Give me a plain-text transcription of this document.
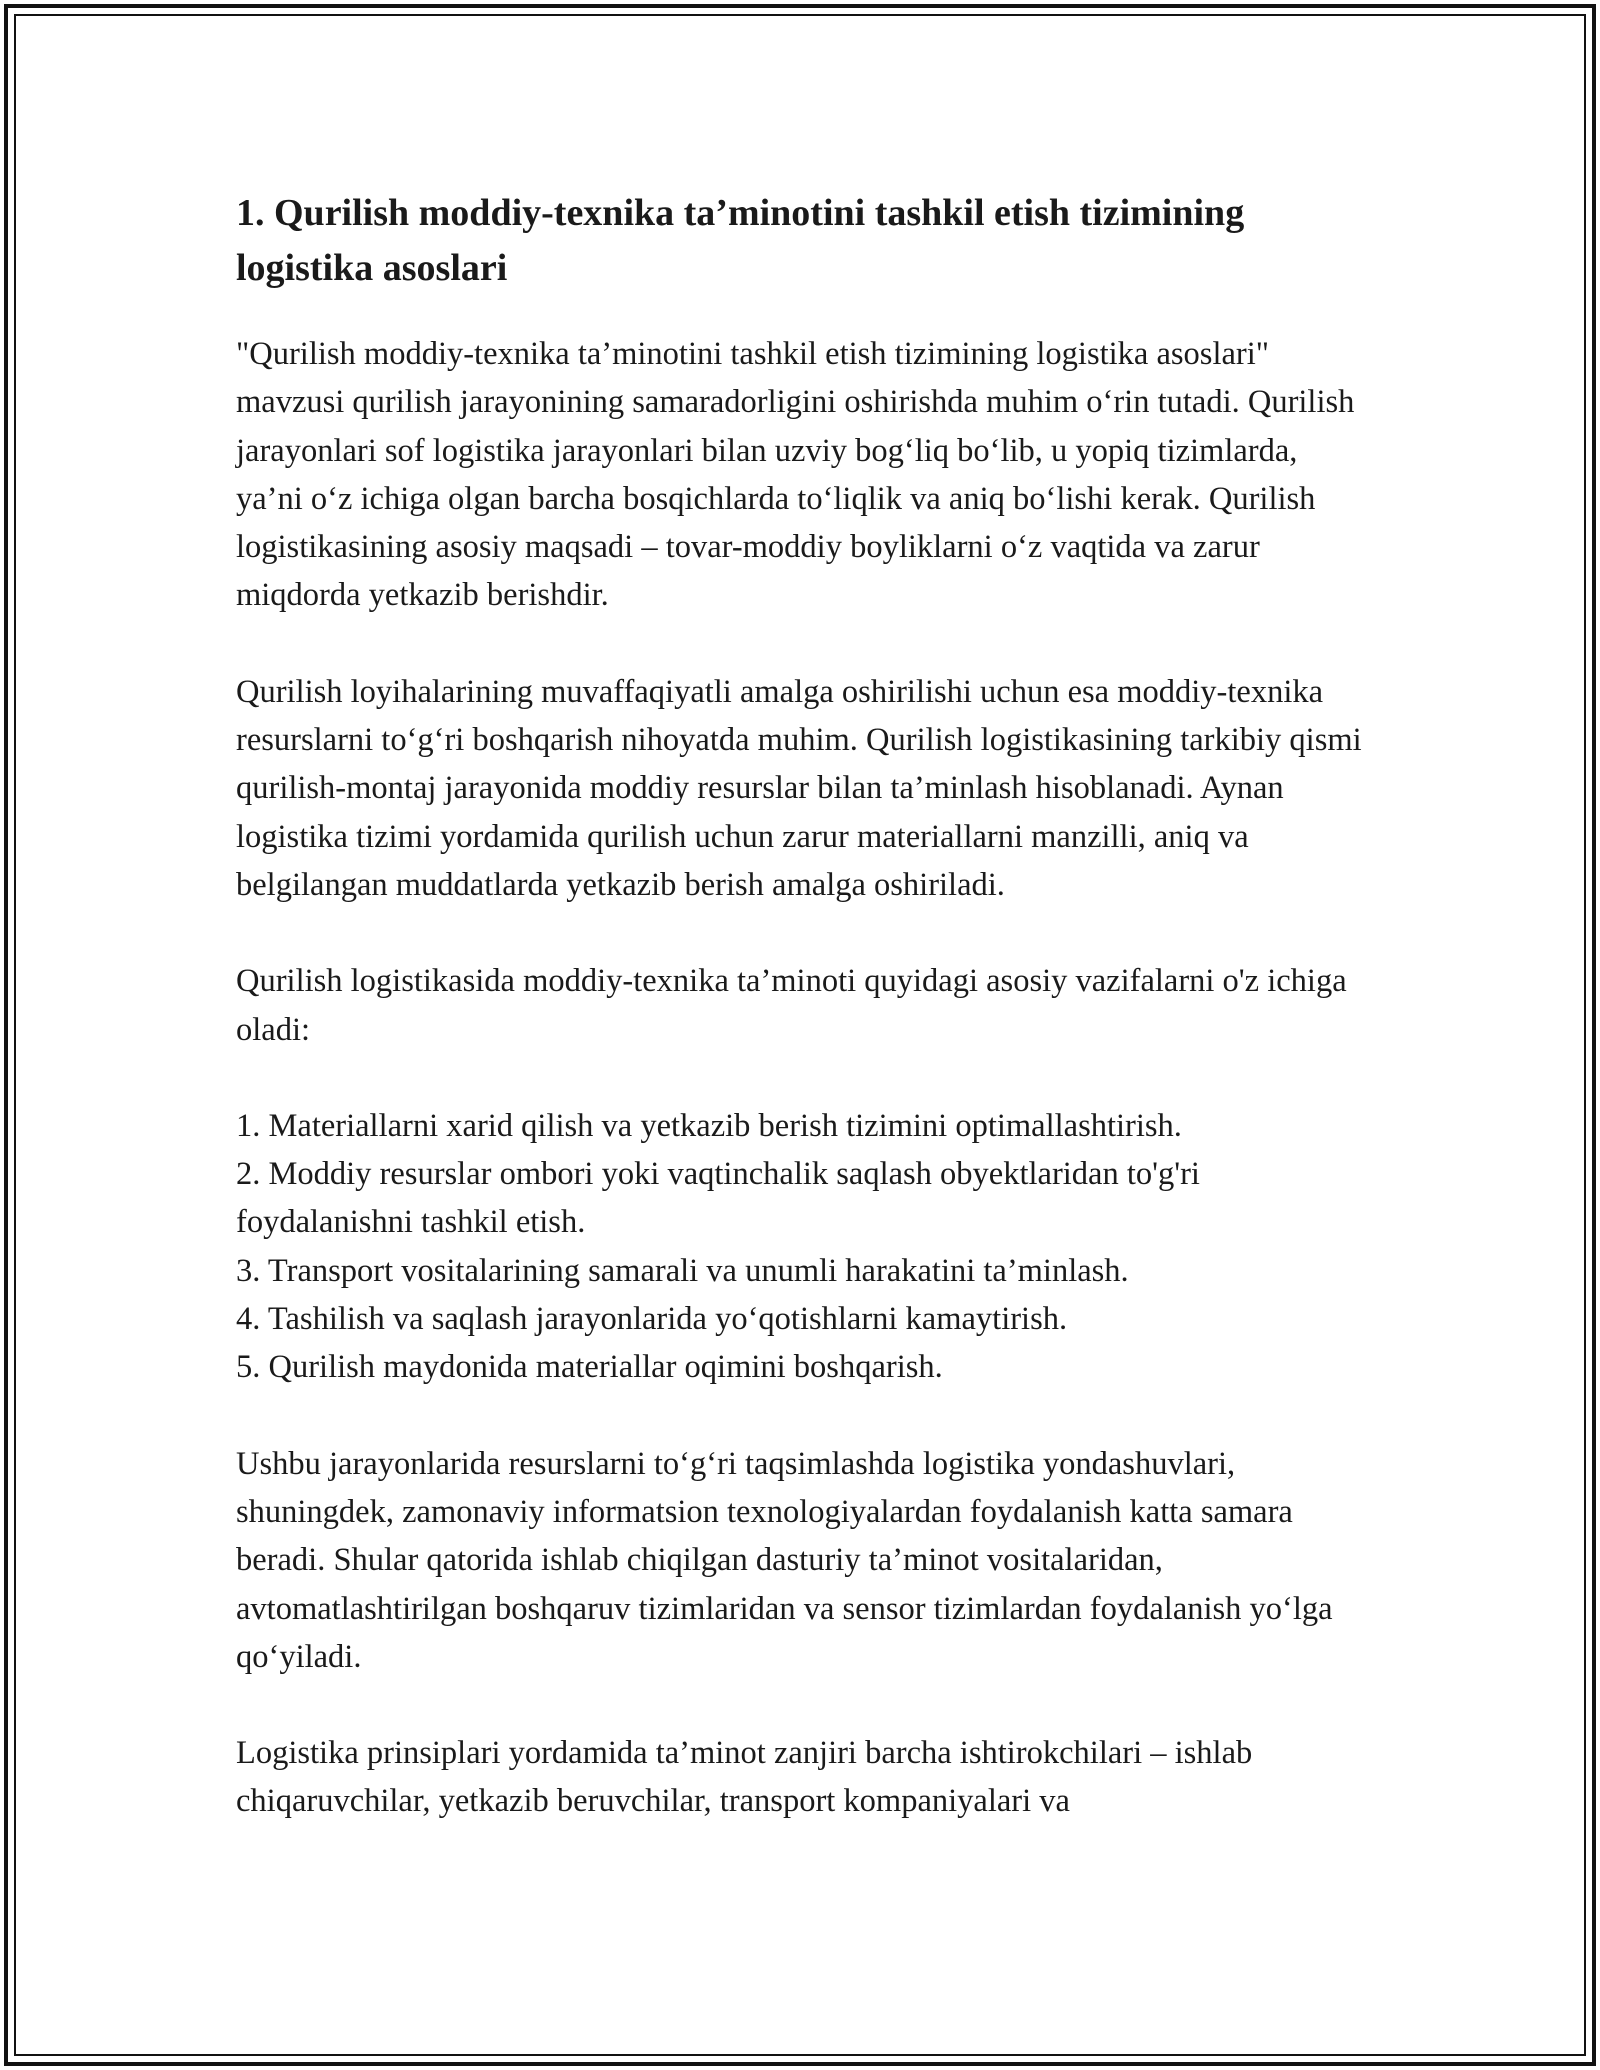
1. Qurilish moddiy-texnika ta’minotini tashkil etish tizimining logistika asoslari

"Qurilish moddiy-texnika ta’minotini tashkil etish tizimining logistika asoslari" mavzusi qurilish jarayonining samaradorligini oshirishda muhim o‘rin tutadi. Qurilish jarayonlari sof logistika jarayonlari bilan uzviy bog‘liq bo‘lib, u yopiq tizimlarda, ya’ni o‘z ichiga olgan barcha bosqichlarda to‘liqlik va aniq bo‘lishi kerak. Qurilish logistikasining asosiy maqsadi – tovar-moddiy boyliklarni o‘z vaqtida va zarur miqdorda yetkazib berishdir.

Qurilish loyihalarining muvaffaqiyatli amalga oshirilishi uchun esa moddiy-texnika resurslarni to‘g‘ri boshqarish nihoyatda muhim. Qurilish logistikasining tarkibiy qismi qurilish-montaj jarayonida moddiy resurslar bilan ta’minlash hisoblanadi. Aynan logistika tizimi yordamida qurilish uchun zarur materiallarni manzilli, aniq va belgilangan muddatlarda yetkazib berish amalga oshiriladi.

Qurilish logistikasida moddiy-texnika ta’minoti quyidagi asosiy vazifalarni o'z ichiga oladi:

1. Materiallarni xarid qilish va yetkazib berish tizimini optimallashtirish.
2. Moddiy resurslar ombori yoki vaqtinchalik saqlash obyektlaridan to'g'ri foydalanishni tashkil etish.
3. Transport vositalarining samarali va unumli harakatini ta’minlash.
4. Tashilish va saqlash jarayonlarida yo‘qotishlarni kamaytirish.
5. Qurilish maydonida materiallar oqimini boshqarish.

Ushbu jarayonlarida resurslarni to‘g‘ri taqsimlashda logistika yondashuvlari, shuningdek, zamonaviy informatsion texnologiyalardan foydalanish katta samara beradi. Shular qatorida ishlab chiqilgan dasturiy ta’minot vositalaridan, avtomatlashtirilgan boshqaruv tizimlaridan va sensor tizimlardan foydalanish yo‘lga qo‘yiladi.

Logistika prinsiplari yordamida ta’minot zanjiri barcha ishtirokchilari – ishlab chiqaruvchilar, yetkazib beruvchilar, transport kompaniyalari va
